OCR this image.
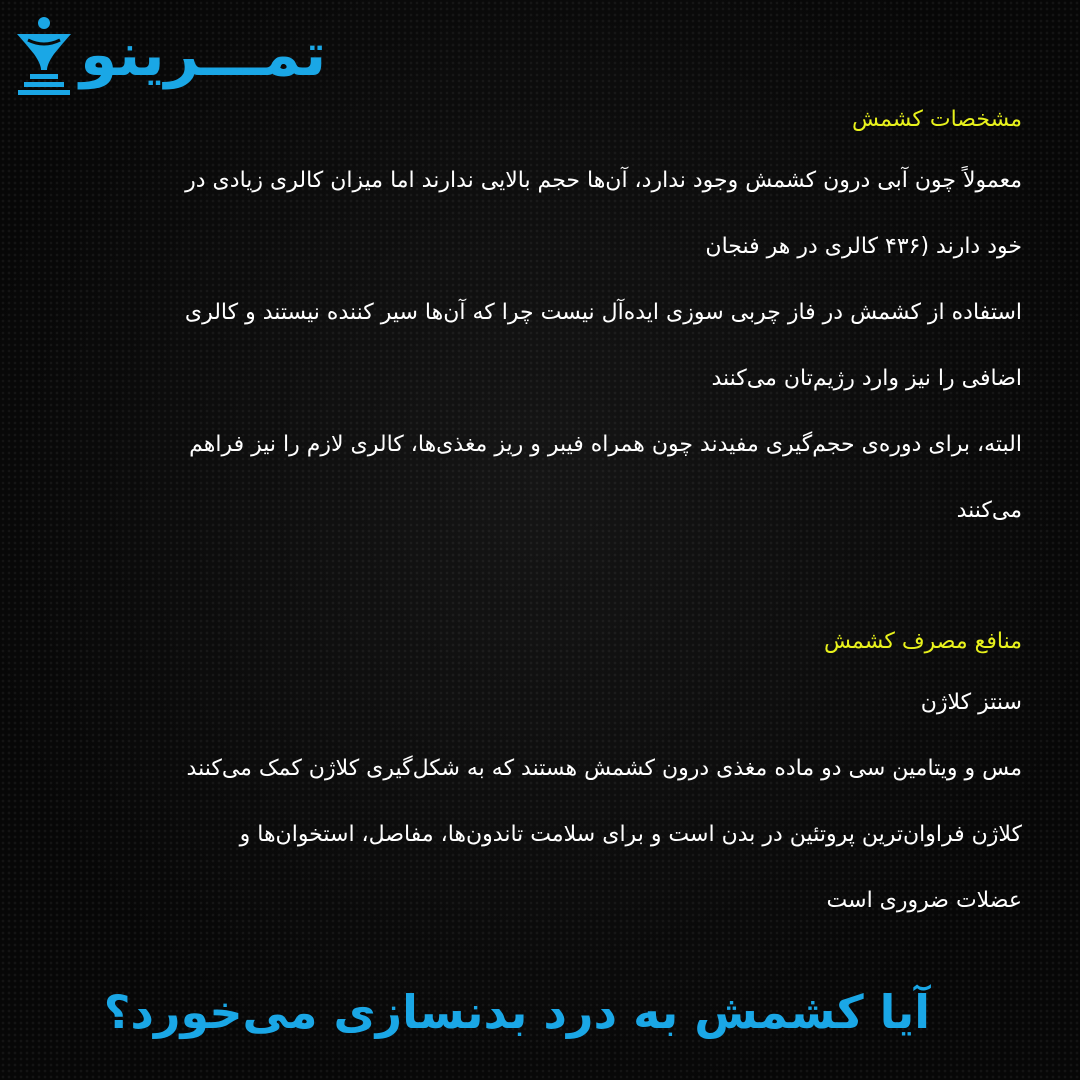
تمـــرینو
مشخصات کشمش
معمولاً چون آبی درون کشمش وجود ندارد، آن‌ها حجم بالایی ندارند اما میزان کالری زیادی در
خود دارند (۴۳۶ کالری در هر فنجان
استفاده از کشمش در فاز چربی سوزی ایده‌آل نیست چرا که آن‌ها سیر کننده نیستند و کالری
اضافی را نیز وارد رژیم‌تان می‌کنند
البته، برای دوره‌ی حجم‌گیری مفیدند چون همراه فیبر و ریز مغذی‌ها، کالری لازم را نیز فراهم
می‌کنند
منافع مصرف کشمش
سنتز کلاژن
مس و ویتامین سی دو ماده مغذی درون کشمش هستند که به شکل‌گیری کلاژن کمک می‌کنند
کلاژن فراوان‌ترین پروتئین در بدن است و برای سلامت تاندون‌ها، مفاصل، استخوان‌ها و
عضلات ضروری است
آیا کشمش به درد بدنسازی می‌خورد؟
